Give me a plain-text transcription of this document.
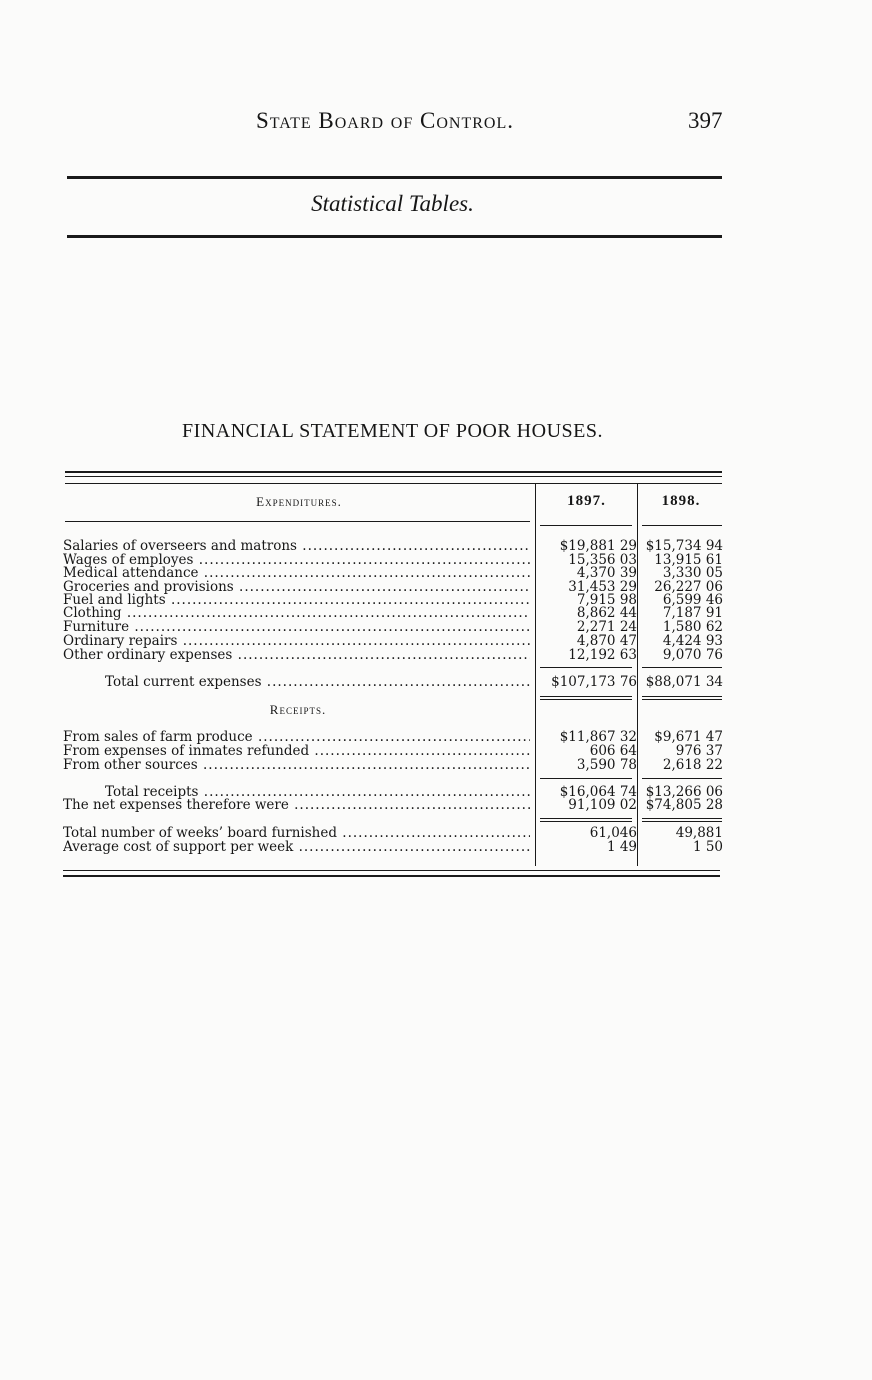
State Board of Control.	397
Statistical Tables.
FINANCIAL STATEMENT OF POOR HOUSES.
Expenditures.	1897.	1898.
Salaries of overseers and matrons .....	$19,881 29 $15,734 94
Wages of employes .....	15,356 03	13,915 61
Medical attendance .....	4,370 39	3,330 05
Groceries and provisions .....	31,453 29	26,227 06
Fuel and lights .....	7,915 98	6,599 46
Clothing .....	8,862 44	7,187 91
Furniture .....	2,271 24	1,580 62
Ordinary repairs .....	4,870 47	4,424 93
Other ordinary expenses .....	12,192 63	9,070 76
Total current expenses .....	$107,173 76 $88,071 34
Receipts.
From sales of farm produce .....	$11,867 32	$9,671 47
From expenses of inmates refunded .....	606 64	976 37
From other sources .....	3,590 78	2,618 22
Total receipts .....	$16,064 74 $13,266 06
The net expenses therefore were .....	91,109 02 $74,805 28
Total number of weeks’ board furnished .....	61,046	49,881
Average cost of support per week .....	1 49	1 50
